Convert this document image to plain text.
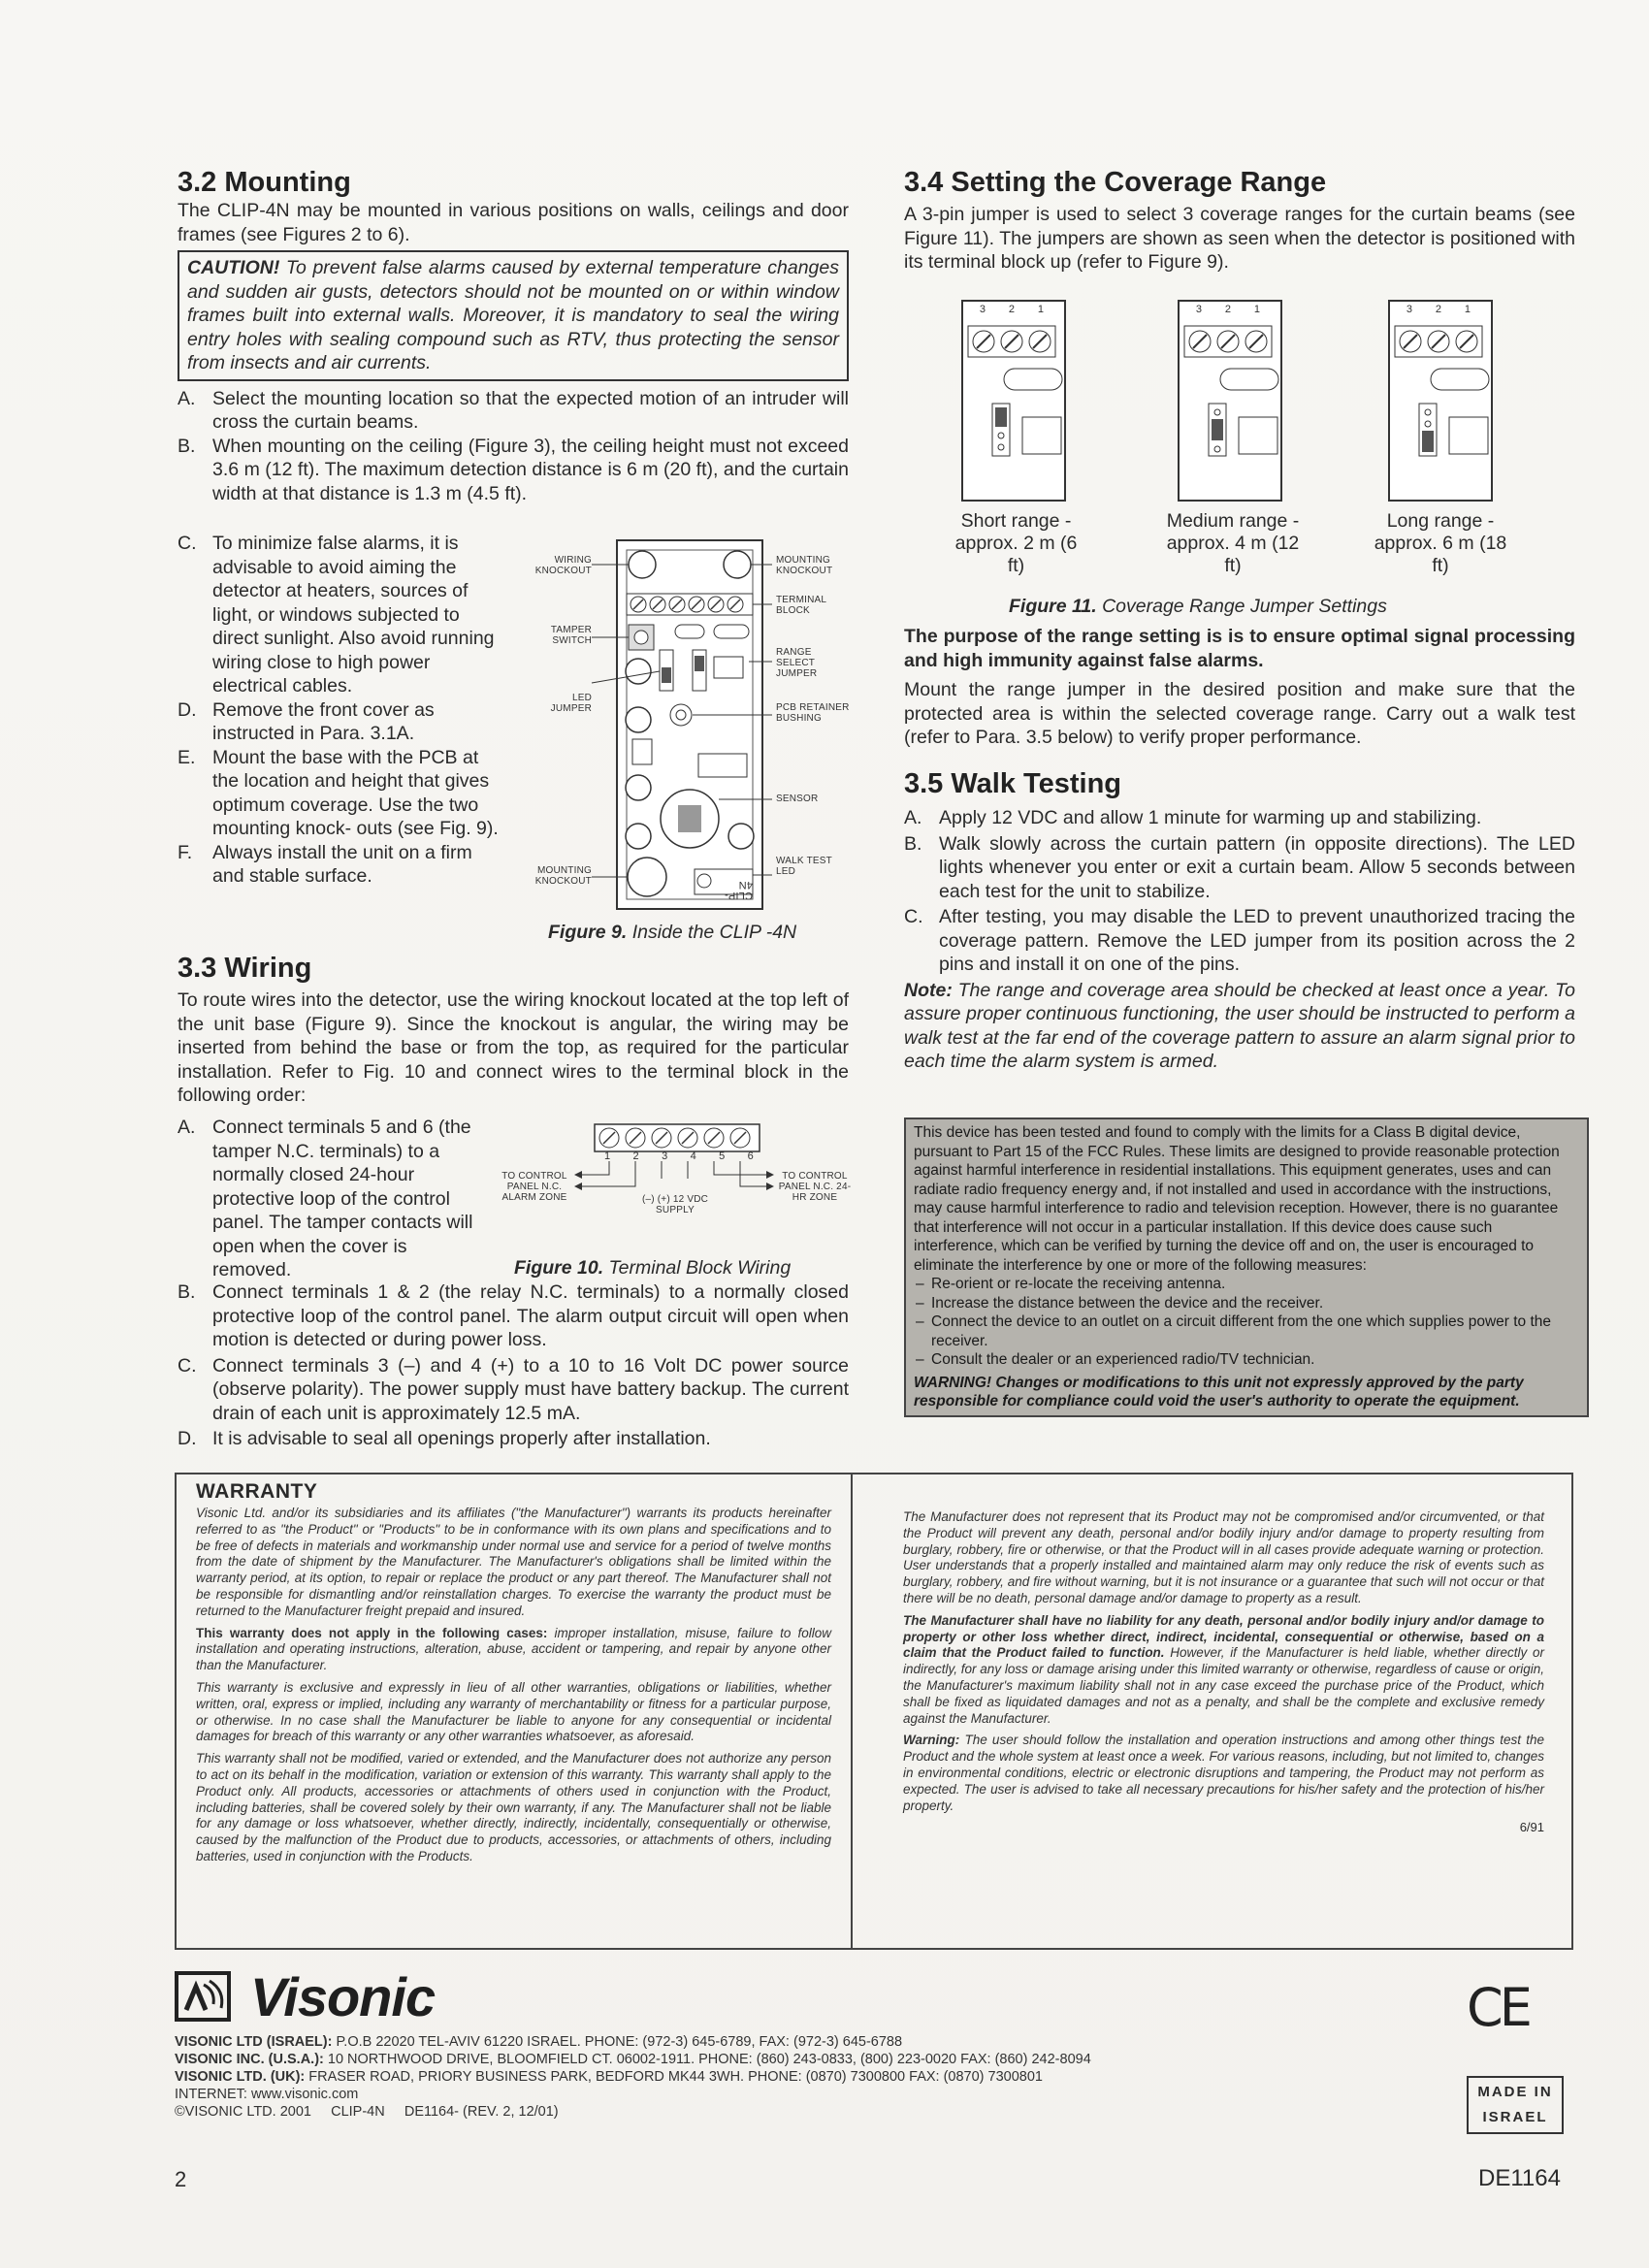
3.2 Mounting

The CLIP-4N may be mounted in various positions on walls, ceilings and door frames (see Figures 2 to 6).

CAUTION! To prevent false alarms caused by external temperature changes and sudden air gusts, detectors should not be mounted on or within window frames built into external walls. Moreover, it is mandatory to seal the wiring entry holes with sealing compound such as RTV, thus protecting the sensor from insects and air currents.
A. Select the mounting location so that the expected motion of an intruder will cross the curtain beams.
B. When mounting on the ceiling (Figure 3), the ceiling height must not exceed 3.6 m (12 ft). The maximum detection distance is 6 m (20 ft), and the curtain width at that distance is 1.3 m (4.5 ft).
C. To minimize false alarms, it is advisable to avoid aiming the detector at heaters, sources of light, or windows subjected to direct sunlight. Also avoid running wiring close to high power electrical cables.
D. Remove the front cover as instructed in Para. 3.1A.
E. Mount the base with the PCB at the location and height that gives optimum coverage. Use the two mounting knock- outs (see Fig. 9).
F. Always install the unit on a firm and stable surface.
WIRING KNOCKOUT
MOUNTING KNOCKOUT
TERMINAL BLOCK
TAMPER SWITCH
RANGE SELECT JUMPER
LED JUMPER	PCB RETAINER BUSHING
SENSOR
MOUNTING KNOCKOUT
WALK TEST LED
CLIP-4N
Figure 9. Inside the CLIP -4N
3.3 Wiring

To route wires into the detector, use the wiring knockout located at the top left of the unit base (Figure 9). Since the knockout is angular, the wiring may be inserted from behind the base or from the top, as required for the particular installation. Refer to Fig. 10 and connect wires to the terminal block in the following order:

A. Connect terminals 5 and 6 (the tamper N.C. terminals) to a normally closed 24-hour protective loop of the control panel. The tamper contacts will open when the cover is removed.
1 2 3 4 5 6
TO CONTROL PANEL N.C. ALARM ZONE
TO CONTROL PANEL N.C. 24-HR ZONE
(–) (+) 12 VDC SUPPLY
Figure 10. Terminal Block Wiring
B. Connect terminals 1 & 2 (the relay N.C. terminals) to a normally closed protective loop of the control panel. The alarm output circuit will open when motion is detected or during power loss.
C. Connect terminals 3 (–) and 4 (+) to a 10 to 16 Volt DC power source (observe polarity). The power supply must have battery backup. The current drain of each unit is approximately 12.5 mA.
D. It is advisable to seal all openings properly after installation.
3.4 Setting the Coverage Range

A 3-pin jumper is used to select 3 coverage ranges for the curtain beams (see Figure 11). The jumpers are shown as seen when the detector is positioned with its terminal block up (refer to Figure 9).

3 2 1	3 2 1	3 2 1
Short range - approx. 2 m (6 ft)
Medium range - approx. 4 m (12 ft)
Long range - approx. 6 m (18 ft)
Figure 11. Coverage Range Jumper Settings

The purpose of the range setting is is to ensure optimal signal processing and high immunity against false alarms.

Mount the range jumper in the desired position and make sure that the protected area is within the selected coverage range. Carry out a walk test (refer to Para. 3.5 below) to verify proper performance.

3.5 Walk Testing
A. Apply 12 VDC and allow 1 minute for warming up and stabilizing.
B. Walk slowly across the curtain pattern (in opposite directions). The LED lights whenever you enter or exit a curtain beam. Allow 5 seconds between each test for the unit to stabilize.
C. After testing, you may disable the LED to prevent unauthorized tracing the coverage pattern. Remove the LED jumper from its position across the 2 pins and install it on one of the pins.

Note: The range and coverage area should be checked at least once a year. To assure proper continuous functioning, the user should be instructed to perform a walk test at the far end of the coverage pattern to assure an alarm signal prior to each time the alarm system is armed.

This device has been tested and found to comply with the limits for a Class B digital device, pursuant to Part 15 of the FCC Rules. These limits are designed to provide reasonable protection against harmful interference in residential installations. This equipment generates, uses and can radiate radio frequency energy and, if not installed and used in accordance with the instructions, may cause harmful interference to radio and television reception. However, there is no guarantee that interference will not occur in a particular installation. If this device does cause such interference, which can be verified by turning the device off and on, the user is encouraged to eliminate the interference by one or more of the following measures:
– Re-orient or re-locate the receiving antenna.
– Increase the distance between the device and the receiver.
– Connect the device to an outlet on a circuit different from the one which supplies power to the receiver.
– Consult the dealer or an experienced radio/TV technician.
WARNING! Changes or modifications to this unit not expressly approved by the party responsible for compliance could void the user's authority to operate the equipment.
WARRANTY

Visonic Ltd. and/or its subsidiaries and its affiliates ("the Manufacturer") warrants its products hereinafter referred to as "the Product" or "Products" to be in conformance with its own plans and specifications and to be free of defects in materials and workmanship under normal use and service for a period of twelve months from the date of shipment by the Manufacturer. The Manufacturer's obligations shall be limited within the warranty period, at its option, to repair or replace the product or any part thereof. The Manufacturer shall not be responsible for dismantling and/or reinstallation charges. To exercise the warranty the product must be returned to the Manufacturer freight prepaid and insured.

This warranty does not apply in the following cases: improper installation, misuse, failure to follow installation and operating instructions, alteration, abuse, accident or tampering, and repair by anyone other than the Manufacturer.

This warranty is exclusive and expressly in lieu of all other warranties, obligations or liabilities, whether written, oral, express or implied, including any warranty of merchantability or fitness for a particular purpose, or otherwise. In no case shall the Manufacturer be liable to anyone for any consequential or incidental damages for breach of this warranty or any other warranties whatsoever, as aforesaid.

This warranty shall not be modified, varied or extended, and the Manufacturer does not authorize any person to act on its behalf in the modification, variation or extension of this warranty. This warranty shall apply to the Product only. All products, accessories or attachments of others used in conjunction with the Product, including batteries, shall be covered solely by their own warranty, if any. The Manufacturer shall not be liable for any damage or loss whatsoever, whether directly, indirectly, incidentally, consequentially or otherwise, caused by the malfunction of the Product due to products, accessories, or attachments of others, including batteries, used in conjunction with the Products.

The Manufacturer does not represent that its Product may not be compromised and/or circumvented, or that the Product will prevent any death, personal and/or bodily injury and/or damage to property resulting from burglary, robbery, fire or otherwise, or that the Product will in all cases provide adequate warning or protection. User understands that a properly installed and maintained alarm may only reduce the risk of events such as burglary, robbery, and fire without warning, but it is not insurance or a guarantee that such will not occur or that there will be no death, personal damage and/or damage to property as a result.

The Manufacturer shall have no liability for any death, personal and/or bodily injury and/or damage to property or other loss whether direct, indirect, incidental, consequential or otherwise, based on a claim that the Product failed to function. However, if the Manufacturer is held liable, whether directly or indirectly, for any loss or damage arising under this limited warranty or otherwise, regardless of cause or origin, the Manufacturer's maximum liability shall not in any case exceed the purchase price of the Product, which shall be fixed as liquidated damages and not as a penalty, and shall be the complete and exclusive remedy against the Manufacturer.

Warning: The user should follow the installation and operation instructions and among other things test the Product and the whole system at least once a week. For various reasons, including, but not limited to, changes in environmental conditions, electric or electronic disruptions and tampering, the Product may not perform as expected. The user is advised to take all necessary precautions for his/her safety and the protection of his/her property.

6/91
Visonic
VISONIC LTD (ISRAEL): P.O.B 22020 TEL-AVIV 61220 ISRAEL. PHONE: (972-3) 645-6789, FAX: (972-3) 645-6788
VISONIC INC. (U.S.A.): 10 NORTHWOOD DRIVE, BLOOMFIELD CT. 06002-1911. PHONE: (860) 243-0833, (800) 223-0020 FAX: (860) 242-8094
VISONIC LTD. (UK): FRASER ROAD, PRIORY BUSINESS PARK, BEDFORD MK44 3WH. PHONE: (0870) 7300800 FAX: (0870) 7300801
INTERNET: www.visonic.com
©VISONIC LTD. 2001     CLIP-4N     DE1164- (REV. 2, 12/01)
CE
MADE IN ISRAEL
2	DE1164
